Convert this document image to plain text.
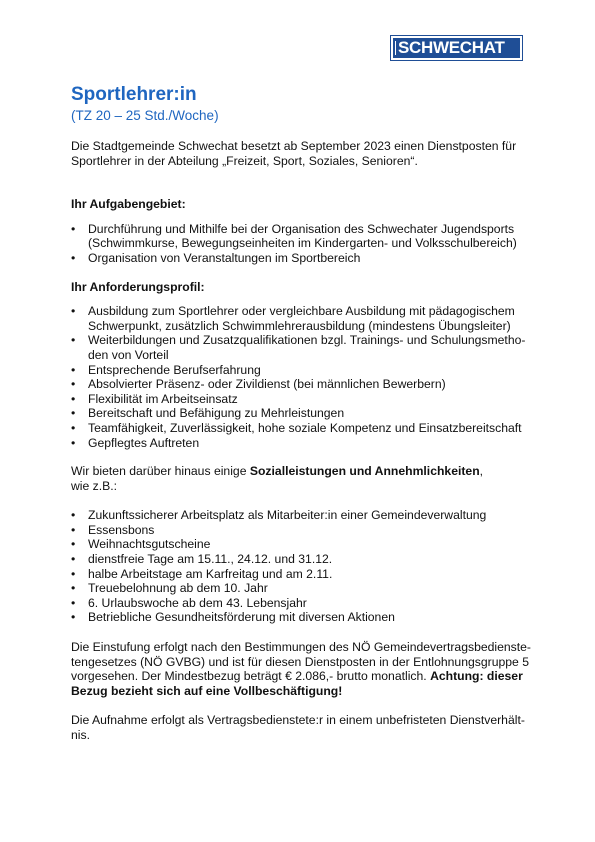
SCHWECHAT
Sportlehrer:in
(TZ 20 – 25 Std./Woche)

Die Stadtgemeinde Schwechat besetzt ab September 2023 einen Dienstposten für Sportlehrer in der Abteilung „Freizeit, Sport, Soziales, Senioren“.

Ihr Aufgabengebiet:

• Durchführung und Mithilfe bei der Organisation des Schwechater Jugendsports (Schwimmkurse, Bewegungseinheiten im Kindergarten- und Volksschulbereich)
• Organisation von Veranstaltungen im Sportbereich

Ihr Anforderungsprofil:

• Ausbildung zum Sportlehrer oder vergleichbare Ausbildung mit pädagogischem Schwerpunkt, zusätzlich Schwimmlehrerausbildung (mindestens Übungsleiter)
• Weiterbildungen und Zusatzqualifikationen bzgl. Trainings- und Schulungsmetho-den von Vorteil
• Entsprechende Berufserfahrung
• Absolvierter Präsenz- oder Zivildienst (bei männlichen Bewerbern)
• Flexibilität im Arbeitseinsatz
• Bereitschaft und Befähigung zu Mehrleistungen
• Teamfähigkeit, Zuverlässigkeit, hohe soziale Kompetenz und Einsatzbereitschaft
• Gepflegtes Auftreten

Wir bieten darüber hinaus einige Sozialleistungen und Annehmlichkeiten,
wie z.B.:

• Zukunftssicherer Arbeitsplatz als Mitarbeiter:in einer Gemeindeverwaltung
• Essensbons
• Weihnachtsgutscheine
• dienstfreie Tage am 15.11., 24.12. und 31.12.
• halbe Arbeitstage am Karfreitag und am 2.11.
• Treuebelohnung ab dem 10. Jahr
• 6. Urlaubswoche ab dem 43. Lebensjahr
• Betriebliche Gesundheitsförderung mit diversen Aktionen

Die Einstufung erfolgt nach den Bestimmungen des NÖ Gemeindevertragsbedienste-tengesetzes (NÖ GVBG) und ist für diesen Dienstposten in der Entlohnungsgruppe 5 vorgesehen. Der Mindestbezug beträgt € 2.086,- brutto monatlich. Achtung: dieser Bezug bezieht sich auf eine Vollbeschäftigung!

Die Aufnahme erfolgt als Vertragsbedienstete:r in einem unbefristeten Dienstverhält-nis.
